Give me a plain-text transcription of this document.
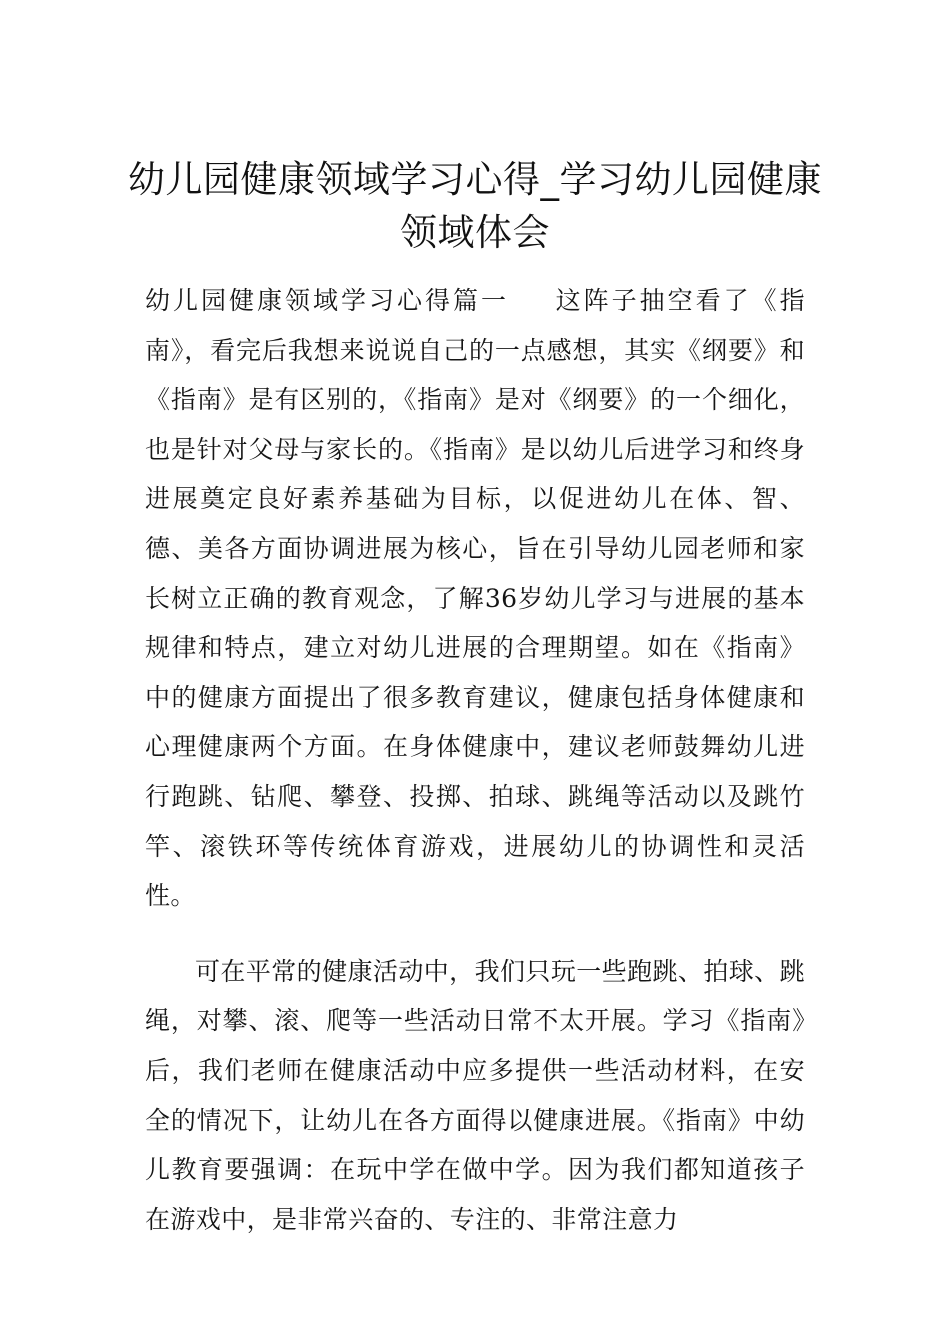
幼儿园健康领域学习心得_学习幼儿园健康领域体会

幼儿园健康领域学习心得篇一 这阵子抽空看了《指南》，看完后我想来说说自己的一点感想，其实《纲要》和《指南》是有区别的，《指南》是对《纲要》的一个细化，也是针对父母与家长的。《指南》是以幼儿后进学习和终身进展奠定良好素养基础为目标，以促进幼儿在体、智、德、美各方面协调进展为核心，旨在引导幼儿园老师和家长树立正确的教育观念，了解36岁幼儿学习与进展的基本规律和特点，建立对幼儿进展的合理期望。如在《指南》中的健康方面提出了很多教育建议，健康包括身体健康和心理健康两个方面。在身体健康中，建议老师鼓舞幼儿进行跑跳、钻爬、攀登、投掷、拍球、跳绳等活动以及跳竹竿、滚铁环等传统体育游戏，进展幼儿的协调性和灵活性。

可在平常的健康活动中，我们只玩一些跑跳、拍球、跳绳，对攀、滚、爬等一些活动日常不太开展。学习《指南》后，我们老师在健康活动中应多提供一些活动材料，在安全的情况下，让幼儿在各方面得以健康进展。《指南》中幼儿教育要强调：在玩中学在做中学。因为我们都知道孩子在游戏中，是非常兴奋的、专注的、非常注意力
